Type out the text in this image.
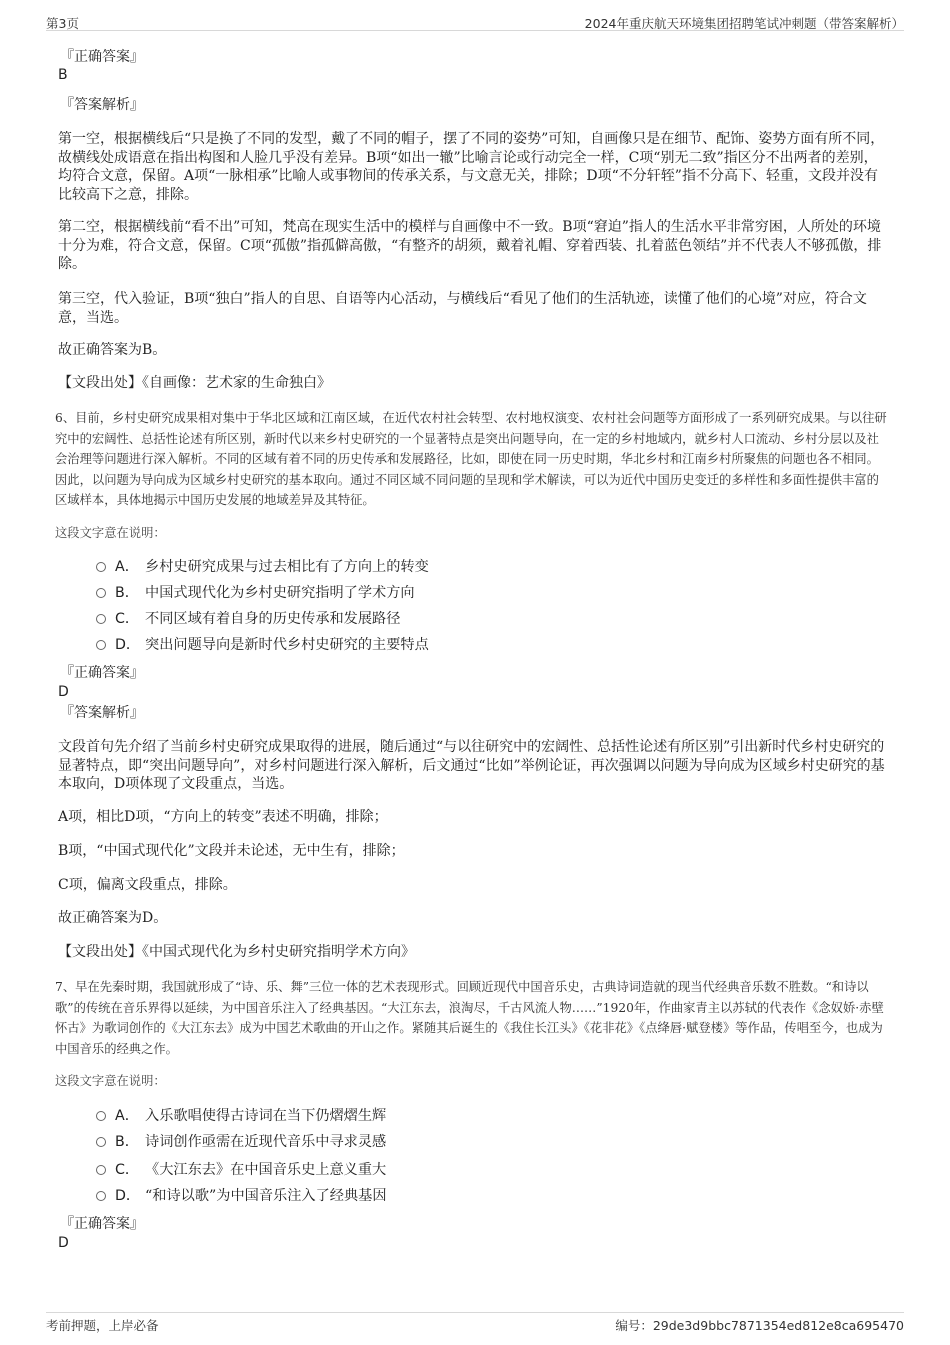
第3页	2024年重庆航天环境集团招聘笔试冲刺题（带答案解析）
『正确答案』
B
『答案解析』

第一空，根据横线后“只是换了不同的发型，戴了不同的帽子，摆了不同的姿势”可知，自画像只是在细节、配饰、姿势方面有所不同，故横线处成语意在指出构图和人脸几乎没有差异。B项“如出一辙”比喻言论或行动完全一样，C项“别无二致”指区分不出两者的差别，均符合文意，保留。A项“一脉相承”比喻人或事物间的传承关系，与文意无关，排除；D项“不分轩轾”指不分高下、轻重，文段并没有比较高下之意，排除。

第二空，根据横线前“看不出”可知，梵高在现实生活中的模样与自画像中不一致。B项“窘迫”指人的生活水平非常穷困，人所处的环境十分为难，符合文意，保留。C项“孤傲”指孤僻高傲，“有整齐的胡须，戴着礼帽、穿着西装、扎着蓝色领结”并不代表人不够孤傲，排除。

第三空，代入验证，B项“独白”指人的自思、自语等内心活动，与横线后“看见了他们的生活轨迹，读懂了他们的心境”对应，符合文意，当选。

故正确答案为B。

【文段出处】《自画像：艺术家的生命独白》

6、目前，乡村史研究成果相对集中于华北区域和江南区域，在近代农村社会转型、农村地权演变、农村社会问题等方面形成了一系列研究成果。与以往研究中的宏阔性、总括性论述有所区别，新时代以来乡村史研究的一个显著特点是突出问题导向，在一定的乡村地域内，就乡村人口流动、乡村分层以及社会治理等问题进行深入解析。不同的区域有着不同的历史传承和发展路径，比如，即使在同一历史时期，华北乡村和江南乡村所聚焦的问题也各不相同。因此，以问题为导向成为区域乡村史研究的基本取向。通过不同区域不同问题的呈现和学术解读，可以为近代中国历史变迁的多样性和多面性提供丰富的区域样本，具体地揭示中国历史发展的地域差异及其特征。

这段文字意在说明：
A． 乡村史研究成果与过去相比有了方向上的转变
B． 中国式现代化为乡村史研究指明了学术方向
C． 不同区域有着自身的历史传承和发展路径
D． 突出问题导向是新时代乡村史研究的主要特点
『正确答案』
D
『答案解析』

文段首句先介绍了当前乡村史研究成果取得的进展，随后通过“与以往研究中的宏阔性、总括性论述有所区别”引出新时代乡村史研究的显著特点，即“突出问题导向”，对乡村问题进行深入解析，后文通过“比如”举例论证，再次强调以问题为导向成为区域乡村史研究的基本取向，D项体现了文段重点，当选。

A项，相比D项，“方向上的转变”表述不明确，排除；

B项，“中国式现代化”文段并未论述，无中生有，排除；

C项，偏离文段重点，排除。

故正确答案为D。

【文段出处】《中国式现代化为乡村史研究指明学术方向》

7、早在先秦时期，我国就形成了“诗、乐、舞”三位一体的艺术表现形式。回顾近现代中国音乐史，古典诗词造就的现当代经典音乐数不胜数。“和诗以歌”的传统在音乐界得以延续，为中国音乐注入了经典基因。“大江东去，浪淘尽，千古风流人物……”1920年，作曲家青主以苏轼的代表作《念奴娇·赤壁怀古》为歌词创作的《大江东去》成为中国艺术歌曲的开山之作。紧随其后诞生的《我住长江头》《花非花》《点绛唇·赋登楼》等作品，传唱至今，也成为中国音乐的经典之作。

这段文字意在说明：
A． 入乐歌唱使得古诗词在当下仍熠熠生辉
B． 诗词创作亟需在近现代音乐中寻求灵感
C． 《大江东去》在中国音乐史上意义重大
D． “和诗以歌”为中国音乐注入了经典基因
『正确答案』
D
考前押题，上岸必备	编号：29de3d9bbc7871354ed812e8ca695470
